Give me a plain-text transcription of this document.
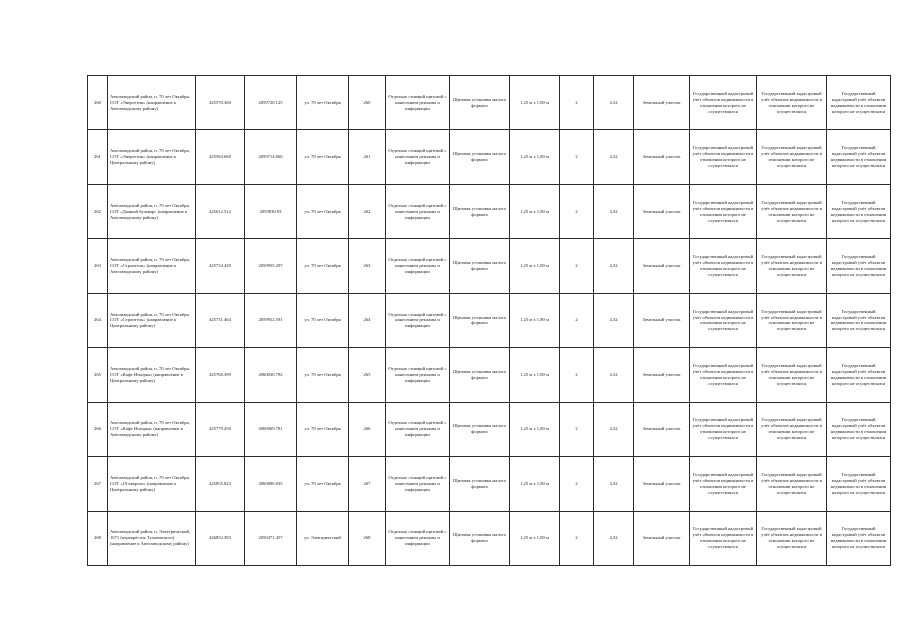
260	Автозаводский район, п. 70 лет Октября, СОТ «Энергетик» (направление к Автозаводскому району)	425570.360	2059720.125	ул. 70 лет Октября	260	Отдельно стоящий щитовой с нанесением рекламы и информации	Щитовая установка малого формата	1,25 м х 1,80 м	2	4,32	Земельный участок	Государственный кадастровый учёт объектов недвижимости в отношении которого не осуществлялся	Государственный кадастровый учёт объектов недвижимости в отношении которого не осуществлялся	Государственный кадастровый учёт объектов недвижимости в отношении которого не осуществлялся
261	Автозаводский район, п. 70 лет Октября, СОТ «Энергетик» (направление к Центральному району)	425563.660	2059714.660	ул. 70 лет Октября	261	Отдельно стоящий щитовой с нанесением рекламы и информации	Щитовая установка малого формата	1,25 м х 1,80 м	2	4,32	Земельный участок	Государственный кадастровый учёт объектов недвижимости в отношении которого не осуществлялся	Государственный кадастровый учёт объектов недвижимости в отношении которого не осуществлялся	Государственный кадастровый учёт объектов недвижимости в отношении которого не осуществлялся
262	Автозаводский район, п. 70 лет Октября, СОТ «Дачный бульвар» (направление к Автозаводскому району)	425612.512	2059830.93	ул. 70 лет Октября	262	Отдельно стоящий щитовой с нанесением рекламы и информации	Щитовая установка малого формата	1,25 м х 1,80 м	2	4,32	Земельный участок	Государственный кадастровый учёт объектов недвижимости в отношении которого не осуществлялся	Государственный кадастровый учёт объектов недвижимости в отношении которого не осуществлялся	Государственный кадастровый учёт объектов недвижимости в отношении которого не осуществлялся
263	Автозаводский район, п. 70 лет Октября, СОТ «Строитель» (направление к Автозаводскому району)	425734.439	2059955.297	ул. 70 лет Октября	263	Отдельно стоящий щитовой с нанесением рекламы и информации	Щитовая установка малого формата	1,25 м х 1,80 м	2	4,32	Земельный участок	Государственный кадастровый учёт объектов недвижимости в отношении которого не осуществлялся	Государственный кадастровый учёт объектов недвижимости в отношении которого не осуществлялся	Государственный кадастровый учёт объектов недвижимости в отношении которого не осуществлялся
264	Автозаводский район, п. 70 лет Октября, СОТ «Строитель» (направление к Центральному району)	425731.464	2059952.591	ул. 70 лет Октября	264	Отдельно стоящий щитовой с нанесением рекламы и информации	Щитовая установка малого формата	1,25 м х 1,80 м	2	4,32	Земельный участок	Государственный кадастровый учёт объектов недвижимости в отношении которого не осуществлялся	Государственный кадастровый учёт объектов недвижимости в отношении которого не осуществлялся	Государственный кадастровый учёт объектов недвижимости в отношении которого не осуществлялся
265	Автозаводский район, п. 70 лет Октября, СОТ «Кафе Искорка» (направление к Центральному району)	425760.399	2060030.792	ул. 70 лет Октября	265	Отдельно стоящий щитовой с нанесением рекламы и информации	Щитовая установка малого формата	1,25 м х 1,80 м	2	4,32	Земельный участок	Государственный кадастровый учёт объектов недвижимости в отношении которого не осуществлялся	Государственный кадастровый учёт объектов недвижимости в отношении которого не осуществлялся	Государственный кадастровый учёт объектов недвижимости в отношении которого не осуществлялся
266	Автозаводский район, п. 70 лет Октября, СОТ «Кафе Искорка» (направление к Автозаводскому району)	425779.450	2060069.781	ул. 70 лет Октября	266	Отдельно стоящий щитовой с нанесением рекламы и информации	Щитовая установка малого формата	1,25 м х 1,80 м	2	4,32	Земельный участок	Государственный кадастровый учёт объектов недвижимости в отношении которого не осуществлялся	Государственный кадастровый учёт объектов недвижимости в отношении которого не осуществлялся	Государственный кадастровый учёт объектов недвижимости в отношении которого не осуществлялся
267	Автозаводский район, п. 70 лет Октября, СОТ «19 квартал» (направление к Центральному району)	425855.823	2060086.835	ул. 70 лет Октября	267	Отдельно стоящий щитовой с нанесением рекламы и информации	Щитовая установка малого формата	1,25 м х 1,80 м	2	4,32	Земельный участок	Государственный кадастровый учёт объектов недвижимости в отношении которого не осуществлялся	Государственный кадастровый учёт объектов недвижимости в отношении которого не осуществлялся	Государственный кадастровый учёт объектов недвижимости в отношении которого не осуществлялся
268	Автозаводский район, п. Электрический, 1071 (перекрёсток Тухачевского) (направление к Автозаводскому району)	426852.393	2059471.457	ул. Электрический	268	Отдельно стоящий щитовой с нанесением рекламы и информации	Щитовая установка малого формата	1,25 м х 1,80 м	2	4,32	Земельный участок	Государственный кадастровый учёт объектов недвижимости в отношении которого не осуществлялся	Государственный кадастровый учёт объектов недвижимости в отношении которого не осуществлялся	Государственный кадастровый учёт объектов недвижимости в отношении которого не осуществлялся
